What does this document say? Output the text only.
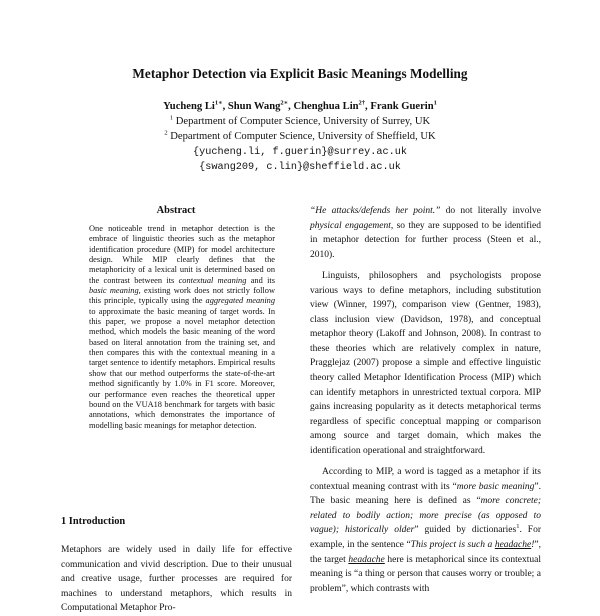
Metaphor Detection via Explicit Basic Meanings Modelling
Yucheng $Li^{1∗}$, Shun Wang$^{2∗}$, Chenghua Lin$^{2\dagger}$, Frank Guerin$^1$
$^1$ Department of Computer Science, University of Surrey, UK
$^2$ Department of Computer Science, University of Sheffield, UK
{yucheng.li, f.guerin}@surrey.ac.uk
{swang209, c.lin}@sheffield.ac.uk
Abstract

One noticeable trend in metaphor detection is the embrace of linguistic theories such as the metaphor identification procedure (MIP) for model architecture design. While MIP clearly defines that the metaphoricity of a lexical unit is determined based on the contrast between its contextual meaning and its basic meaning, existing work does not strictly follow this principle, typically using the aggregated meaning to approximate the basic meaning of target words. In this paper, we propose a novel metaphor detection method, which models the basic meaning of the word based on literal annotation from the training set, and then compares this with the contextual meaning in a target sentence to identify metaphors. Empirical results show that our method outperforms the state-of-the-art method significantly by 1.0% in F1 score. Moreover, our performance even reaches the theoretical upper bound on the VUA18 benchmark for targets with basic annotations, which demonstrates the importance of modelling basic meanings for metaphor detection.

1 Introduction

Metaphors are widely used in daily life for effective communication and vivid description. Due to their unusual and creative usage, further processes are required for machines to understand metaphors, which results in Computational Metaphor Pro-

“He attacks/defends her point.” do not literally involve physical engagement, so they are supposed to be identified in metaphor detection for further process (Steen et al., 2010).

Linguists, philosophers and psychologists propose various ways to define metaphors, including substitution view (Winner, 1997), comparison view (Gentner, 1983), class inclusion view (Davidson, 1978), and conceptual metaphor theory (Lakoff and Johnson, 2008). In contrast to these theories which are relatively complex in nature, Pragglejaz (2007) propose a simple and effective linguistic theory called Metaphor Identification Process (MIP) which can identify metaphors in unrestricted textual corpora. MIP gains increasing popularity as it detects metaphorical terms regardless of specific conceptual mapping or comparison among source and target domain, which makes the identification operational and straightforward.

According to MIP, a word is tagged as a metaphor if its contextual meaning contrast with its “more basic meaning”. The basic meaning here is defined as “more concrete; related to bodily action; more precise (as opposed to vague); historically older” guided by dictionaries$^1$. For example, in the sentence “This project is such a headache!”, the target headache here is metaphorical since its contextual meaning is “a thing or person that causes worry or trouble; a problem”, which contrasts with
